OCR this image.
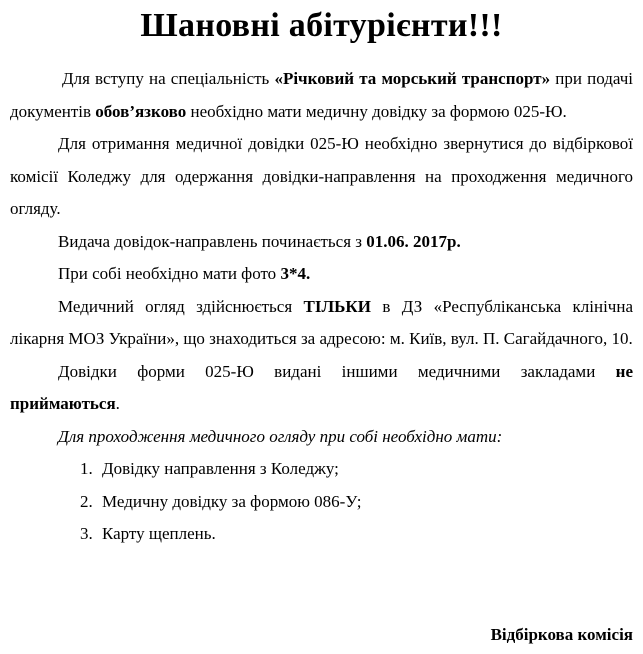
Шановні абітурієнти!!!

Для вступу на спеціальність «Річковий та морський транспорт» при подачі документів обов’язково необхідно мати медичну довідку за формою 025-Ю.

Для отримання медичної довідки 025-Ю необхідно звернутися до відбіркової комісії Коледжу для одержання довідки-направлення на проходження медичного огляду.

Видача довідок-направлень починається з 01.06. 2017р.

При собі необхідно мати фото 3*4.

Медичний огляд здійснюється ТІЛЬКИ в ДЗ «Республіканська клінічна лікарня МОЗ України», що знаходиться за адресою: м. Київ, вул. П. Сагайдачного, 10.

Довідки форми 025-Ю видані іншими медичними закладами не приймаються.

Для проходження медичного огляду при собі необхідно мати:

1. Довідку направлення з Коледжу;
2. Медичну довідку за формою 086-У;
3. Карту щеплень.
Відбіркова комісія
